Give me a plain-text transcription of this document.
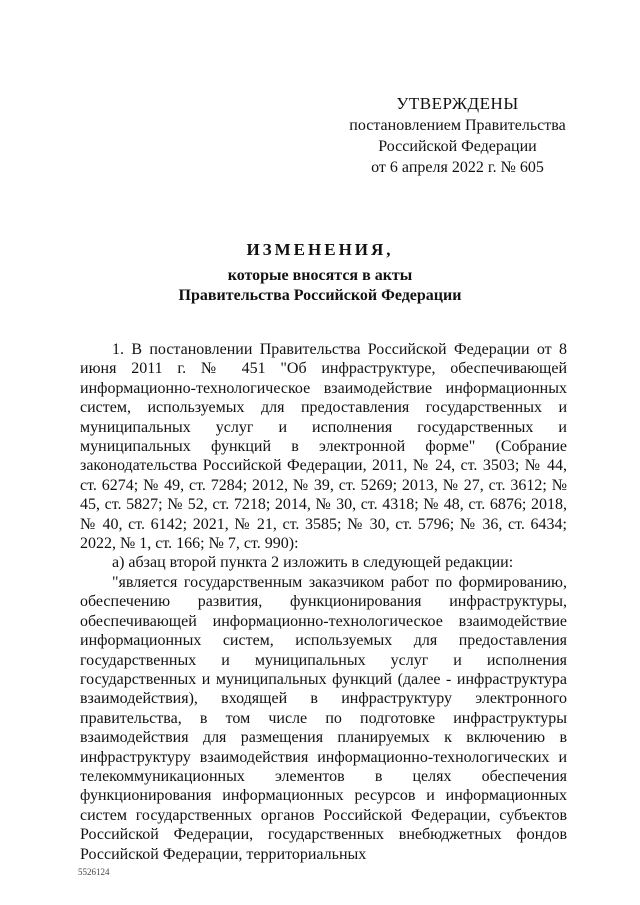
УТВЕРЖДЕНЫ
постановлением Правительства
Российской Федерации
от 6 апреля 2022 г. № 605
ИЗМЕНЕНИЯ,
которые вносятся в акты
Правительства Российской Федерации

1. В постановлении Правительства Российской Федерации от 8 июня 2011 г. № 451 "Об инфраструктуре, обеспечивающей информационно-технологическое взаимодействие информационных систем, используемых для предоставления государственных и муниципальных услуг и исполнения государственных и муниципальных функций в электронной форме" (Собрание законодательства Российской Федерации, 2011, № 24, ст. 3503; № 44, ст. 6274; № 49, ст. 7284; 2012, № 39, ст. 5269; 2013, № 27, ст. 3612; № 45, ст. 5827; № 52, ст. 7218; 2014, № 30, ст. 4318; № 48, ст. 6876; 2018, № 40, ст. 6142; 2021, № 21, ст. 3585; № 30, ст. 5796; № 36, ст. 6434; 2022, № 1, ст. 166; № 7, ст. 990):

а) абзац второй пункта 2 изложить в следующей редакции:

"является государственным заказчиком работ по формированию, обеспечению развития, функционирования инфраструктуры, обеспечивающей информационно-технологическое взаимодействие информационных систем, используемых для предоставления государственных и муниципальных услуг и исполнения государственных и муниципальных функций (далее - инфраструктура взаимодействия), входящей в инфраструктуру электронного правительства, в том числе по подготовке инфраструктуры взаимодействия для размещения планируемых к включению в инфраструктуру взаимодействия информационно-технологических и телекоммуникационных элементов в целях обеспечения функционирования информационных ресурсов и информационных систем государственных органов Российской Федерации, субъектов Российской Федерации, государственных внебюджетных фондов Российской Федерации, территориальных

5526124
